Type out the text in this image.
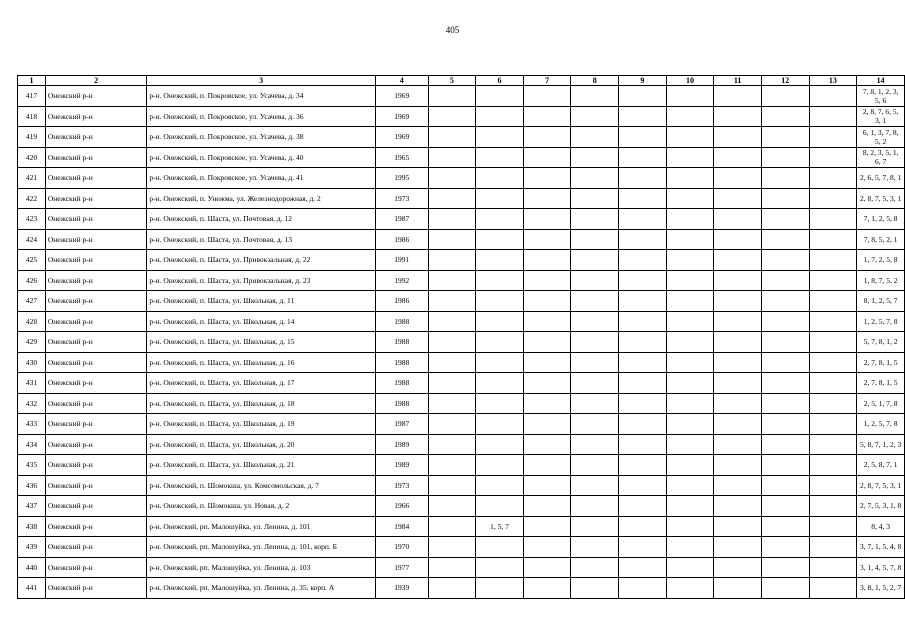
405
1	2	3	4	5	6	7	8	9	10	11	12	13	14
417	Онежский р-н	р-н. Онежский, п. Покровское, ул. Усачева, д. 34	1969										7, 8, 1, 2, 3, 5, 6
418	Онежский р-н	р-н. Онежский, п. Покровское, ул. Усачева, д. 36	1969										2, 8, 7, 6, 5, 3, 1
419	Онежский р-н	р-н. Онежский, п. Покровское, ул. Усачева, д. 38	1969										6, 1, 3, 7, 8, 5, 2
420	Онежский р-н	р-н. Онежский, п. Покровское, ул. Усачева, д. 40	1965										8, 2, 3, 5, 1, 6, 7
421	Онежский р-н	р-н. Онежский, п. Покровское, ул. Усачева, д. 41	1995										2, 6, 5, 7, 8, 1
422	Онежский р-н	р-н. Онежский, п. Унежма, ул. Железнодорожная, д. 2	1973										2, 8, 7, 5, 3, 1
423	Онежский р-н	р-н. Онежский, п. Шаста, ул. Почтовая, д. 12	1987										7, 1, 2, 5, 8
424	Онежский р-н	р-н. Онежский, п. Шаста, ул. Почтовая, д. 13	1986										7, 8, 5, 2, 1
425	Онежский р-н	р-н. Онежский, п. Шаста, ул. Привокзальная, д. 22	1991										1, 7, 2, 5, 8
426	Онежский р-н	р-н. Онежский, п. Шаста, ул. Привокзальная, д. 23	1992										1, 8, 7, 5, 2
427	Онежский р-н	р-н. Онежский, п. Шаста, ул. Школьная, д. 11	1986										8, 1, 2, 5, 7
428	Онежский р-н	р-н. Онежский, п. Шаста, ул. Школьная, д. 14	1988										1, 2, 5, 7, 8
429	Онежский р-н	р-н. Онежский, п. Шаста, ул. Школьная, д. 15	1988										5, 7, 8, 1, 2
430	Онежский р-н	р-н. Онежский, п. Шаста, ул. Школьная, д. 16	1988										2, 7, 8, 1, 5
431	Онежский р-н	р-н. Онежский, п. Шаста, ул. Школьная, д. 17	1988										2, 7, 8, 1, 5
432	Онежский р-н	р-н. Онежский, п. Шаста, ул. Школьная, д. 18	1988										2, 5, 1, 7, 8
433	Онежский р-н	р-н. Онежский, п. Шаста, ул. Школьная, д. 19	1987										1, 2, 5, 7, 8
434	Онежский р-н	р-н. Онежский, п. Шаста, ул. Школьная, д. 20	1989										5, 8, 7, 1, 2, 3
435	Онежский р-н	р-н. Онежский, п. Шаста, ул. Школьная, д. 21	1989										2, 5, 8, 7, 1
436	Онежский р-н	р-н. Онежский, п. Шомокша, ул. Комсомольская, д. 7	1973										2, 8, 7, 5, 3, 1
437	Онежский р-н	р-н. Онежский, п. Шомокша, ул. Новая, д. 2	1966										2, 7, 5, 3, 1, 8
438	Онежский р-н	р-н. Онежский, рп. Малошуйка, ул. Ленина, д. 101	1984		1, 5, 7								8, 4, 3
439	Онежский р-н	р-н. Онежский, рп. Малошуйка, ул. Ленина, д. 101, корп. Б	1970										3, 7, 1, 5, 4, 8
440	Онежский р-н	р-н. Онежский, рп. Малошуйка, ул. Ленина, д. 103	1977										3, 1, 4, 5, 7, 8
441	Онежский р-н	р-н. Онежский, рп. Малошуйка, ул. Ленина, д. 35, корп. А	1939										3, 8, 1, 5, 2, 7
